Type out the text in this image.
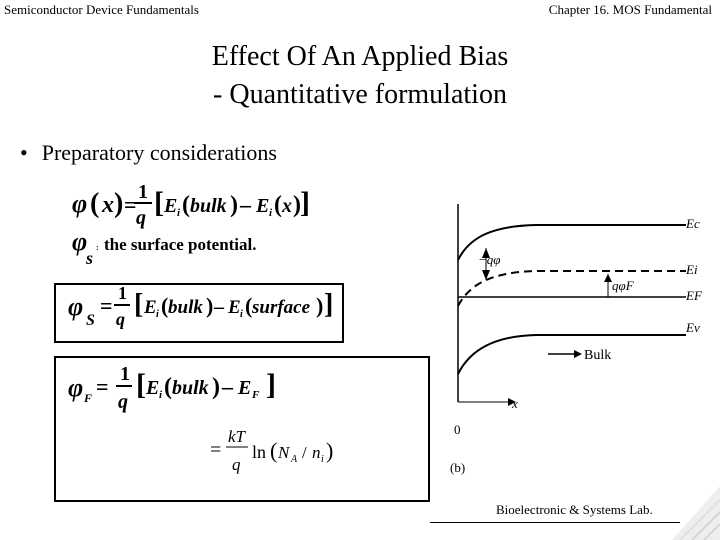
Semiconductor Device Fundamentals	Chapter 16. MOS Fundamental
Effect Of An Applied Bias
- Quantitative formulation
• Preparatory considerations
φ ( x ) = 1
q [ E i ( bulk ) – E i ( x ) ]
φ
s
: the surface potential.
φ S
= 1
q [ E i ( bulk ) – E i ( surface ) ]
φ F = 1
q
[ E i ( bulk ) – E F ]
=
kT
q
ln ( N A / n i )
x
0
Ec
Ei
EF
Ev
−qφ
qφF
Bulk
(b)
Bioelectronic & Systems Lab.
